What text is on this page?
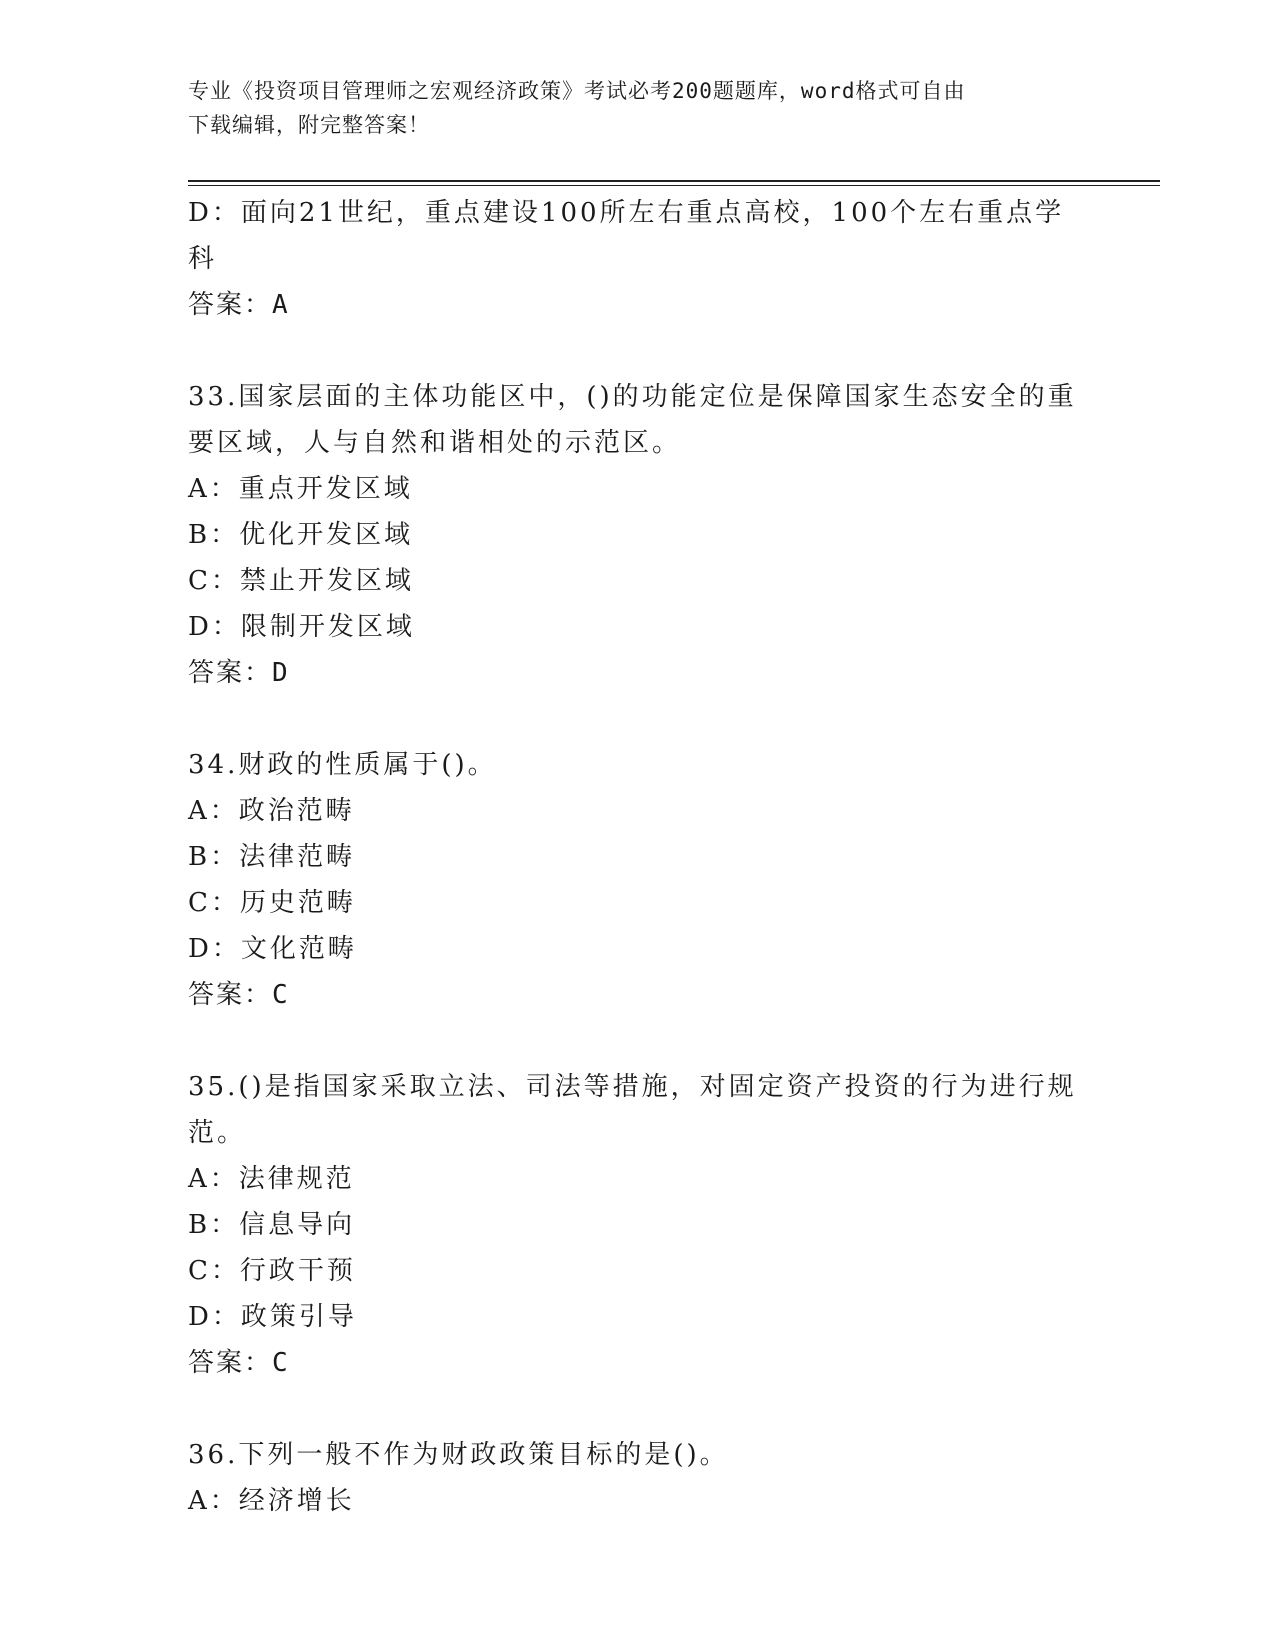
专业《投资项目管理师之宏观经济政策》考试必考200题题库，word格式可自由
下载编辑，附完整答案！
D：面向21世纪，重点建设100所左右重点高校，100个左右重点学科
答案：A
33.国家层面的主体功能区中，()的功能定位是保障国家生态安全的重
要区域，人与自然和谐相处的示范区。
A：重点开发区域
B：优化开发区域
C：禁止开发区域
D：限制开发区域
答案：D
34.财政的性质属于()。
A：政治范畴
B：法律范畴
C：历史范畴
D：文化范畴
答案：C
35.()是指国家采取立法、司法等措施，对固定资产投资的行为进行规
范。
A：法律规范
B：信息导向
C：行政干预
D：政策引导
答案：C
36.下列一般不作为财政政策目标的是()。
A：经济增长
